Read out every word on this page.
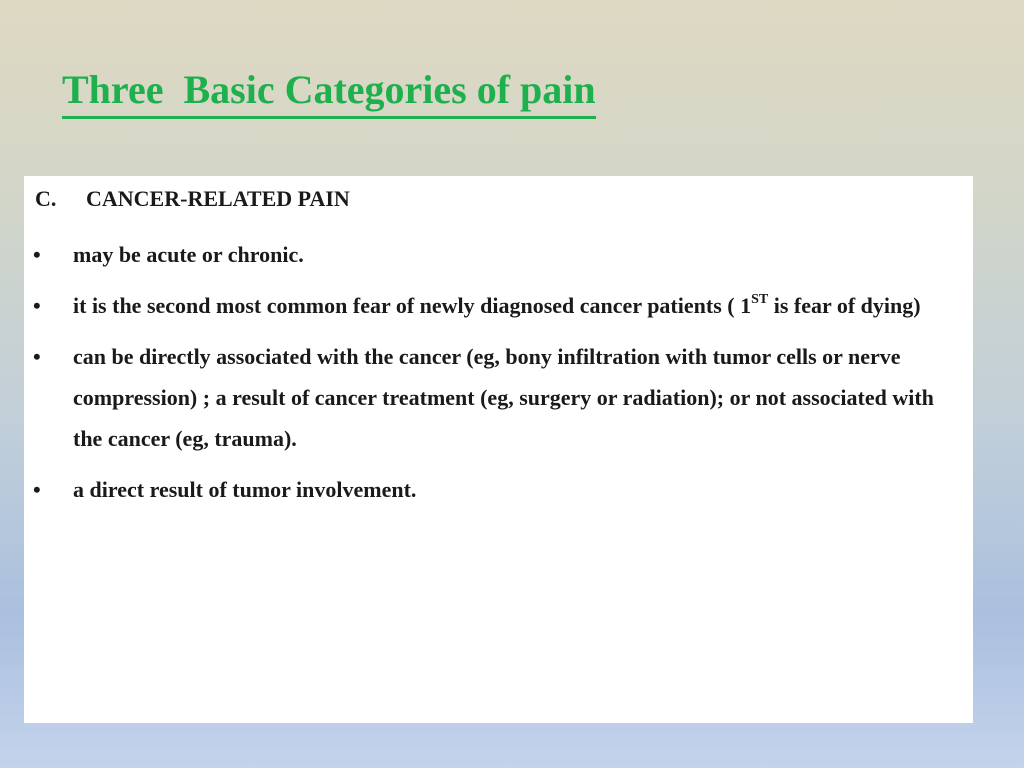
Three  Basic Categories of pain
C. CANCER-RELATED PAIN
•	may be acute or chronic.
•	it is the second most common fear of newly diagnosed cancer patients ( 1ST is fear of dying)
•	can be directly associated with the cancer (eg, bony infiltration with tumor cells or nerve compression) ; a result of cancer treatment (eg, surgery or radiation); or not associated with the cancer (eg, trauma).
•	a direct result of tumor involvement.
